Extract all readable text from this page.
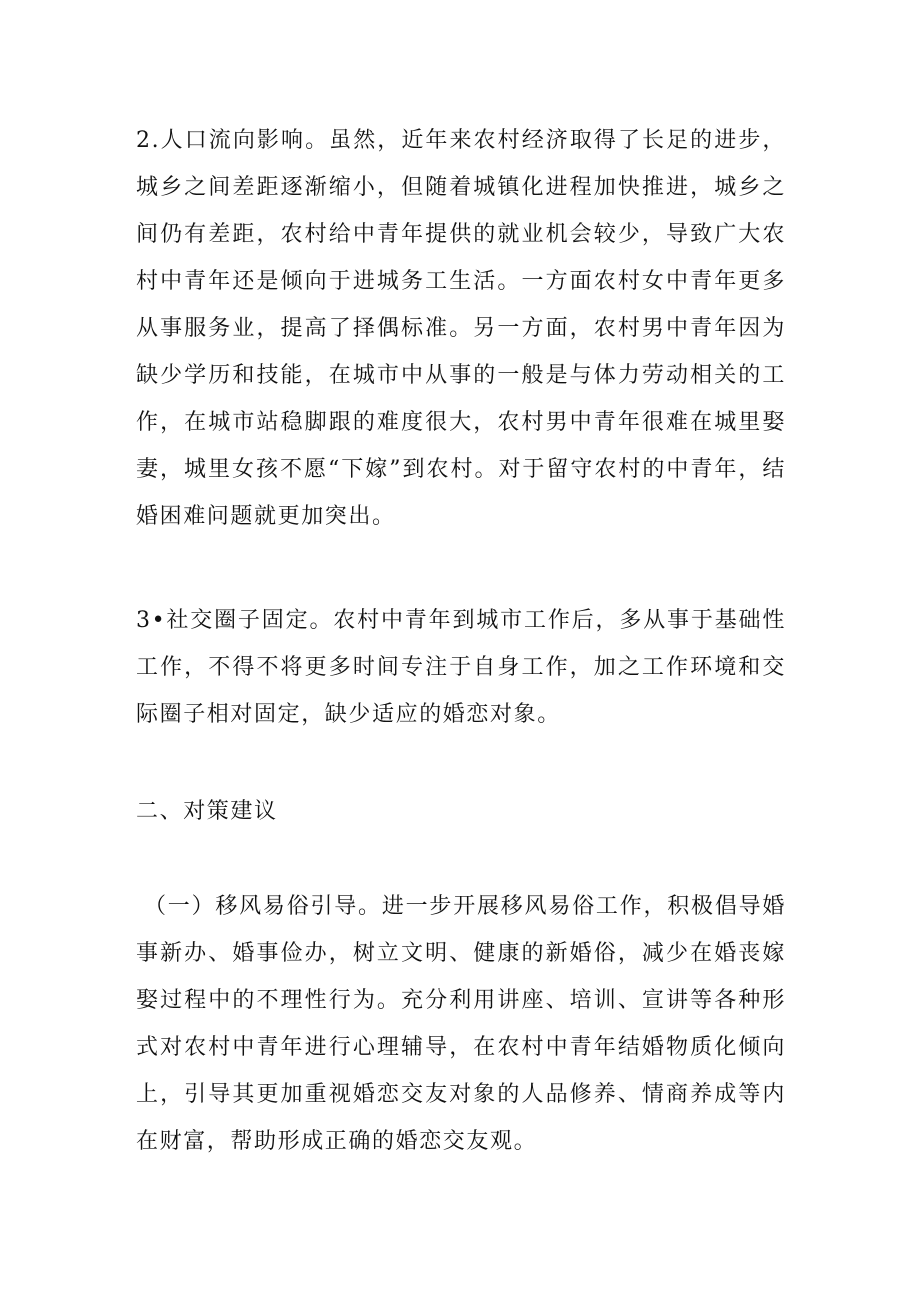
2.人口流向影响。虽然，近年来农村经济取得了长足的进步，城乡之间差距逐渐缩小，但随着城镇化进程加快推进，城乡之间仍有差距，农村给中青年提供的就业机会较少，导致广大农村中青年还是倾向于进城务工生活。一方面农村女中青年更多从事服务业，提高了择偶标准。另一方面，农村男中青年因为缺少学历和技能，在城市中从事的一般是与体力劳动相关的工作，在城市站稳脚跟的难度很大，农村男中青年很难在城里娶妻，城里女孩不愿“下嫁”到农村。对于留守农村的中青年，结婚困难问题就更加突出。

3•社交圈子固定。农村中青年到城市工作后，多从事于基础性工作，不得不将更多时间专注于自身工作，加之工作环境和交际圈子相对固定，缺少适应的婚恋对象。

二、对策建议

（一）移风易俗引导。进一步开展移风易俗工作，积极倡导婚事新办、婚事俭办，树立文明、健康的新婚俗，减少在婚丧嫁娶过程中的不理性行为。充分利用讲座、培训、宣讲等各种形式对农村中青年进行心理辅导，在农村中青年结婚物质化倾向上，引导其更加重视婚恋交友对象的人品修养、情商养成等内在财富，帮助形成正确的婚恋交友观。
